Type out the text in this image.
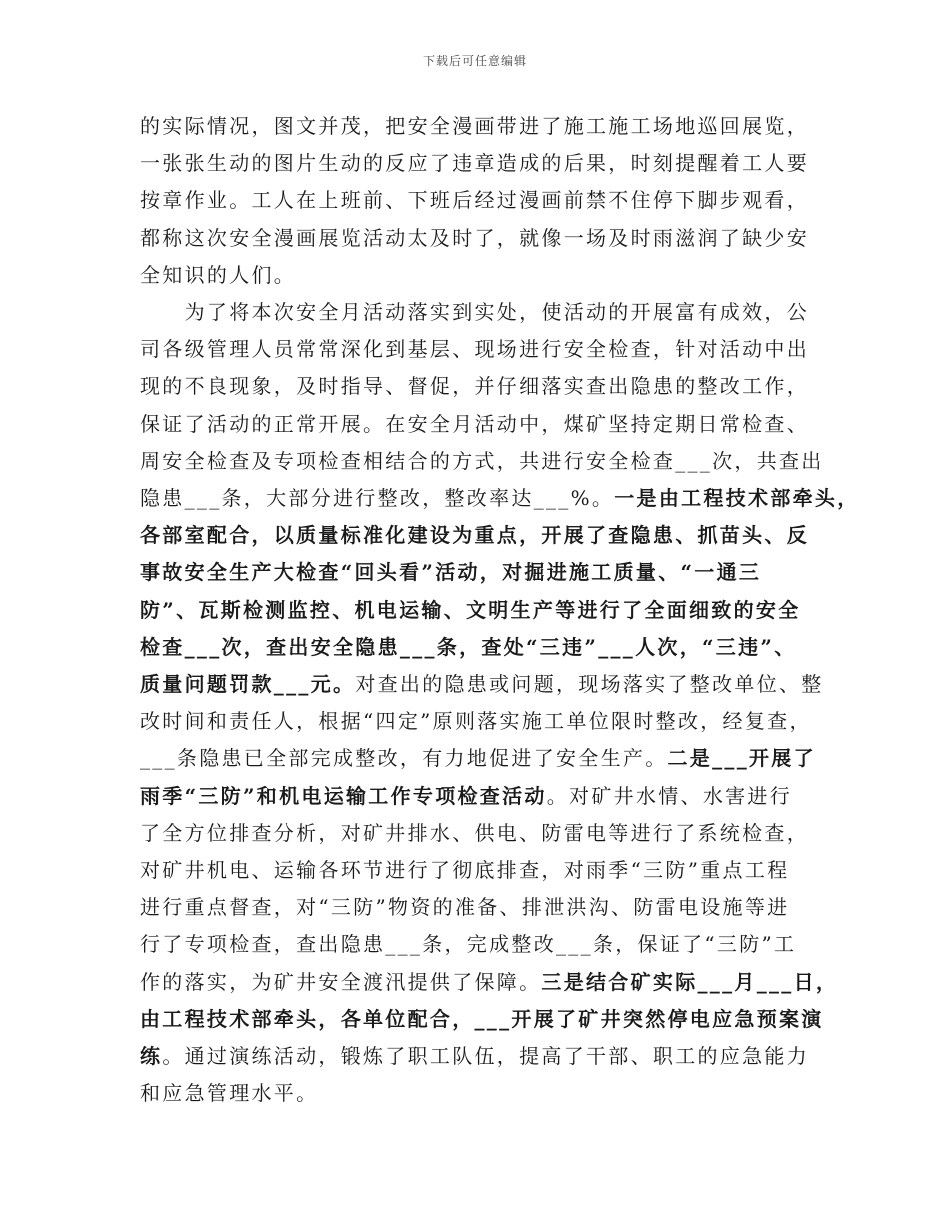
下载后可任意编辑
的实际情况，图文并茂，把安全漫画带进了施工施工场地巡回展览，
一张张生动的图片生动的反应了违章造成的后果，时刻提醒着工人要
按章作业。工人在上班前、下班后经过漫画前禁不住停下脚步观看，
都称这次安全漫画展览活动太及时了，就像一场及时雨滋润了缺少安
全知识的人们。
　　为了将本次安全月活动落实到实处，使活动的开展富有成效，公
司各级管理人员常常深化到基层、现场进行安全检查，针对活动中出
现的不良现象，及时指导、督促，并仔细落实查出隐患的整改工作，
保证了活动的正常开展。在安全月活动中，煤矿坚持定期日常检查、
周安全检查及专项检查相结合的方式，共进行安全检查___次，共查出
隐患___条，大部分进行整改，整改率达___%。一是由工程技术部牵头，
各部室配合，以质量标准化建设为重点，开展了查隐患、抓苗头、反
事故安全生产大检查“回头看”活动，对掘进施工质量、“一通三
防”、瓦斯检测监控、机电运输、文明生产等进行了全面细致的安全
检查___次，查出安全隐患___条，查处“三违”___人次，“三违”、
质量问题罚款___元。对查出的隐患或问题，现场落实了整改单位、整
改时间和责任人，根据“四定”原则落实施工单位限时整改，经复查，
___条隐患已全部完成整改，有力地促进了安全生产。二是___开展了
雨季“三防”和机电运输工作专项检查活动。对矿井水情、水害进行
了全方位排查分析，对矿井排水、供电、防雷电等进行了系统检查，
对矿井机电、运输各环节进行了彻底排查，对雨季“三防”重点工程
进行重点督查，对“三防”物资的准备、排泄洪沟、防雷电设施等进
行了专项检查，查出隐患___条，完成整改___条，保证了“三防”工
作的落实，为矿井安全渡汛提供了保障。三是结合矿实际___月___日，
由工程技术部牵头，各单位配合，___开展了矿井突然停电应急预案演
练。通过演练活动，锻炼了职工队伍，提高了干部、职工的应急能力
和应急管理水平。
